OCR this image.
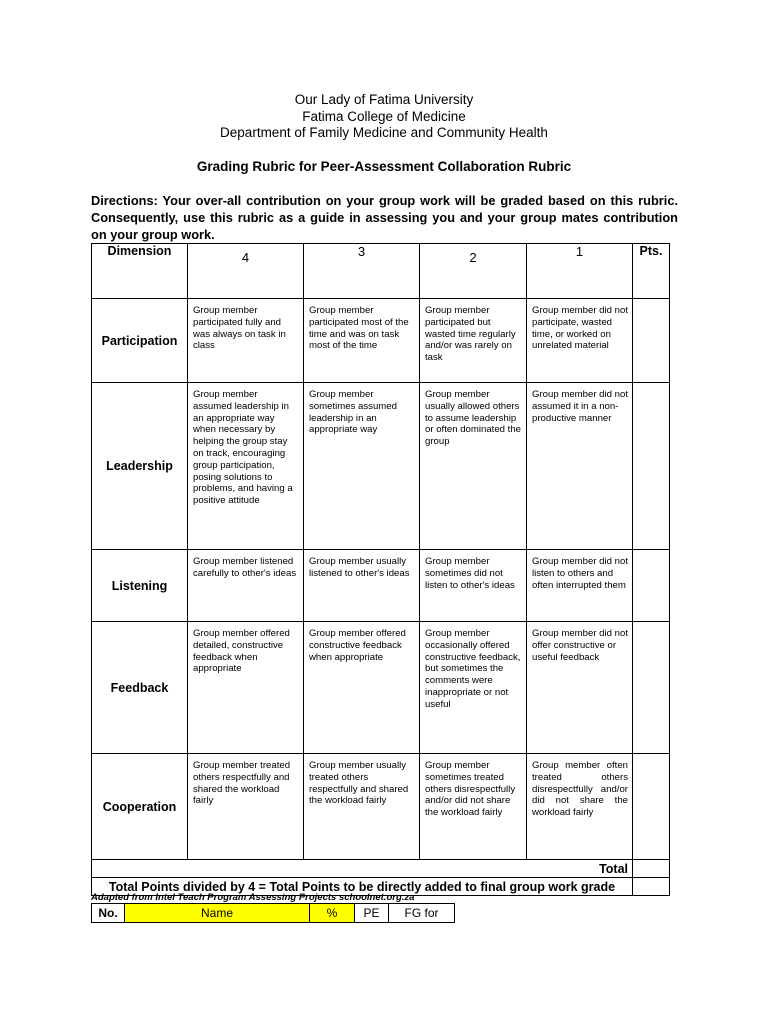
Our Lady of Fatima University
Fatima College of Medicine
Department of Family Medicine and Community Health
Grading Rubric for Peer-Assessment Collaboration Rubric
Directions: Your over-all contribution on your group work will be graded based on this rubric. Consequently, use this rubric as a guide in assessing you and your group mates contribution on your group work.
Dimension	4	3	2	1	Pts.
Participation	Group member participated fully and was always on task in class	Group member participated most of the time and was on task most of the time	Group member participated but wasted time regularly and/or was rarely on task	Group member did not participate, wasted time, or worked on unrelated material	
Leadership	Group member assumed leadership in an appropriate way when necessary by helping the group stay on track, encouraging group participation, posing solutions to problems, and having a positive attitude	Group member sometimes assumed leadership in an appropriate way	Group member usually allowed others to assume leadership or often dominated the group	Group member did not assumed it in a non-productive manner	
Listening	Group member listened carefully to other's ideas	Group member usually listened to other's ideas	Group member sometimes did not listen to other's ideas	Group member did not listen to others and often interrupted them	
Feedback	Group member offered detailed, constructive feedback when appropriate	Group member offered constructive feedback when appropriate	Group member occasionally offered constructive feedback, but sometimes the comments were inappropriate or not useful	Group member did not offer constructive or useful feedback	
Cooperation	Group member treated others respectfully and shared the workload fairly	Group member usually treated others respectfully and shared the workload fairly	Group member sometimes treated others disrespectfully and/or did not share the workload fairly	Group member often treated others disrespectfully and/or did not share the workload fairly	
Total					
Total Points divided by 4 = Total Points to be directly added to final group work grade					
Adapted from Intel Teach Program Assessing Projects schoolnet.org.za
No.	Name	%	PE	FG for
